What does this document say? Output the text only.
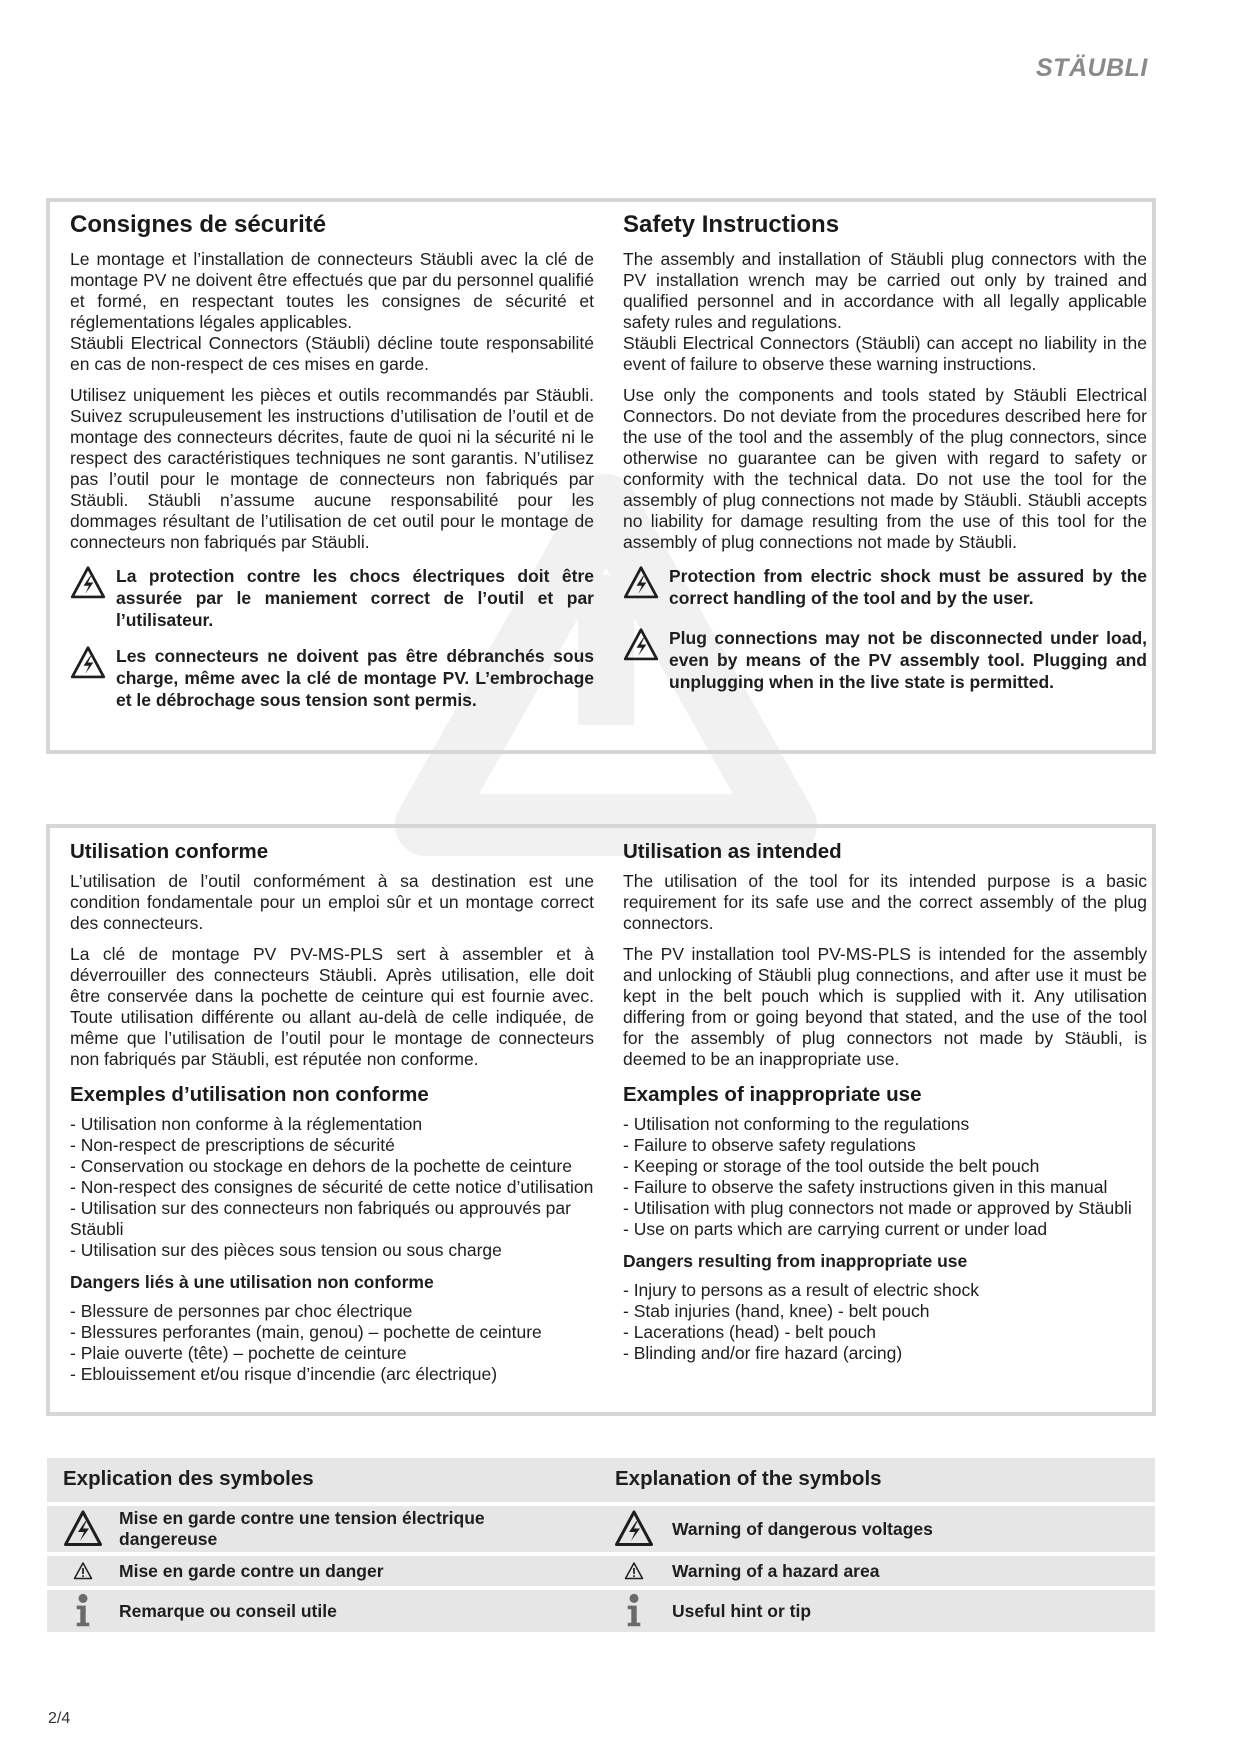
STÄUBLI
Consignes de sécurité

Le montage et l’installation de connecteurs Stäubli avec la clé de montage PV ne doivent être effectués que par du personnel qualifié et formé, en respectant toutes les consignes de sécurité et réglementations légales applicables.

Stäubli Electrical Connectors (Stäubli) décline toute responsabilité en cas de non-respect de ces mises en garde.

Utilisez uniquement les pièces et outils recommandés par Stäubli. Suivez scrupuleusement les instructions d’utilisation de l’outil et de montage des connecteurs décrites, faute de quoi ni la sécurité ni le respect des caractéristiques techniques ne sont garantis. N’utilisez pas l’outil pour le montage de connecteurs non fabriqués par Stäubli. Stäubli n’assume aucune responsabilité pour les dommages résultant de l’utilisation de cet outil pour le montage de connecteurs non fabriqués par Stäubli.

La protection contre les chocs électriques doit être assurée par le maniement correct de l’outil et par l’utilisateur.
Les connecteurs ne doivent pas être débranchés sous charge, même avec la clé de montage PV. L’embrochage et le débrochage sous tension sont permis.
Safety Instructions

The assembly and installation of Stäubli plug connectors with the PV installation wrench may be carried out only by trained and qualified personnel and in accordance with all legally applicable safety rules and regulations.

Stäubli Electrical Connectors (Stäubli) can accept no liability in the event of failure to observe these warning instructions.

Use only the components and tools stated by Stäubli Electrical Connectors. Do not deviate from the procedures described here for the use of the tool and the assembly of the plug connectors, since otherwise no guarantee can be given with regard to safety or conformity with the technical data. Do not use the tool for the assembly of plug connections not made by Stäubli. Stäubli accepts no liability for damage resulting from the use of this tool for the assembly of plug connections not made by Stäubli.

Protection from electric shock must be assured by the correct handling of the tool and by the user.
Plug connections may not be disconnected under load, even by means of the PV assembly tool. Plugging and unplugging when in the live state is permitted.
Utilisation conforme

L’utilisation de l’outil conformément à sa destination est une condition fondamentale pour un emploi sûr et un montage correct des connecteurs.

La clé de montage PV PV-MS-PLS sert à assembler et à déverrouiller des connecteurs Stäubli. Après utilisation, elle doit être conservée dans la pochette de ceinture qui est fournie avec. Toute utilisation différente ou allant au-delà de celle indiquée, de même que l’utilisation de l’outil pour le montage de connecteurs non fabriqués par Stäubli, est réputée non conforme.

Exemples d’utilisation non conforme
- Utilisation non conforme à la réglementation
- Non-respect de prescriptions de sécurité
- Conservation ou stockage en dehors de la pochette de ceinture
- Non-respect des consignes de sécurité de cette notice d’utilisation
- Utilisation sur des connecteurs non fabriqués ou approuvés par Stäubli
- Utilisation sur des pièces sous tension ou sous charge
Dangers liés à une utilisation non conforme
- Blessure de personnes par choc électrique
- Blessures perforantes (main, genou) – pochette de ceinture
- Plaie ouverte (tête) – pochette de ceinture
- Eblouissement et/ou risque d’incendie (arc électrique)
Utilisation as intended

The utilisation of the tool for its intended purpose is a basic requirement for its safe use and the correct assembly of the plug connectors.

The PV installation tool PV-MS-PLS is intended for the assembly and unlocking of Stäubli plug connections, and after use it must be kept in the belt pouch which is supplied with it. Any utilisation differing from or going beyond that stated, and the use of the tool for the assembly of plug connectors not made by Stäubli, is deemed to be an inappropriate use.

Examples of inappropriate use
- Utilisation not conforming to the regulations
- Failure to observe safety regulations
- Keeping or storage of the tool outside the belt pouch
- Failure to observe the safety instructions given in this manual
- Utilisation with plug connectors not made or approved by Stäubli
- Use on parts which are carrying current or under load
Dangers resulting from inappropriate use
- Injury to persons as a result of electric shock
- Stab injuries (hand, knee) - belt pouch
- Lacerations (head) - belt pouch
- Blinding and/or fire hazard (arcing)
Explication des symboles	Explanation of the symbols
Mise en garde contre une tension électrique dangereuse	Warning of dangerous voltages
Mise en garde contre un danger	Warning of a hazard area
Remarque ou conseil utile	Useful hint or tip
2/4
